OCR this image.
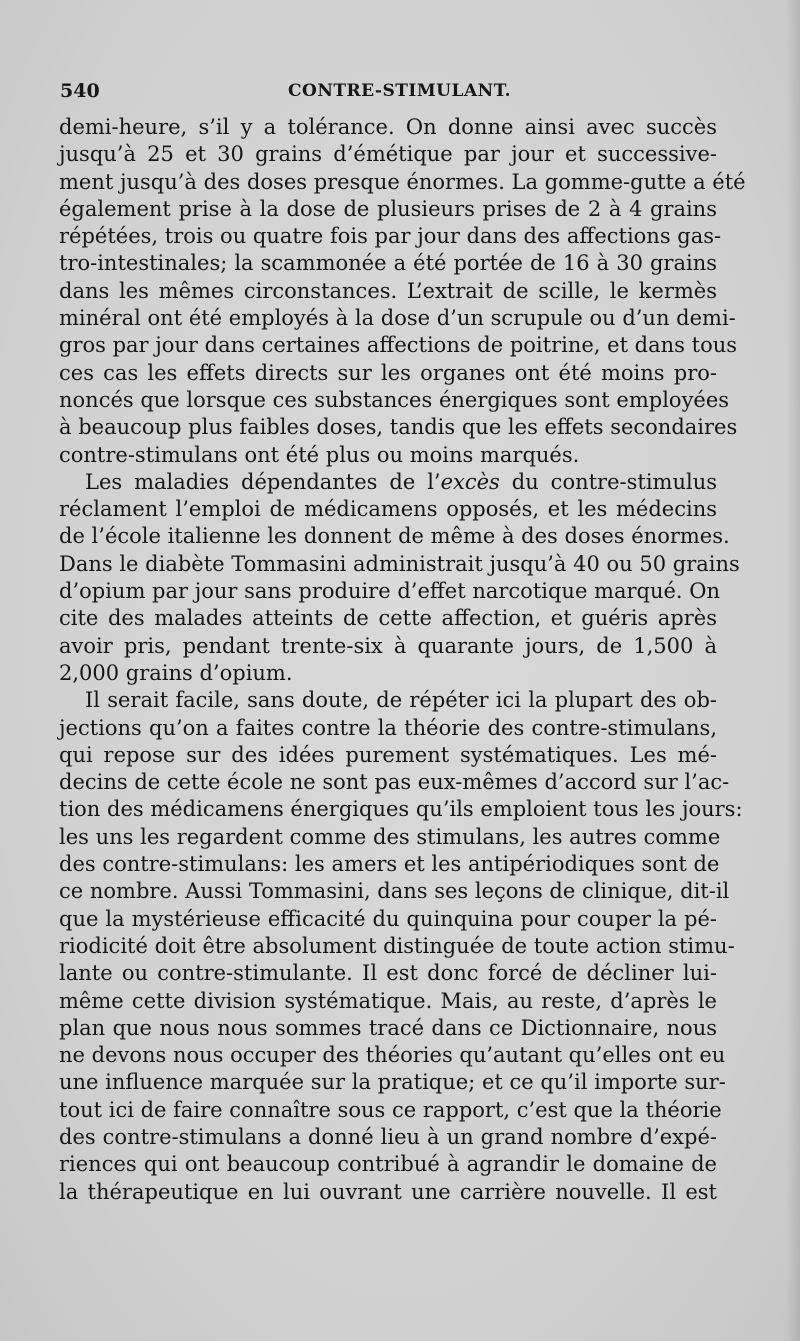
540	CONTRE-STIMULANT.
demi-heure, s’il y a tolérance. On donne ainsi avec succès
jusqu’à 25 et 30 grains d’émétique par jour et successive-
ment jusqu’à des doses presque énormes. La gomme-gutte a été
également prise à la dose de plusieurs prises de 2 à 4 grains
répétées, trois ou quatre fois par jour dans des affections gas-
tro-intestinales; la scammonée a été portée de 16 à 30 grains
dans les mêmes circonstances. L’extrait de scille, le kermès
minéral ont été employés à la dose d’un scrupule ou d’un demi-
gros par jour dans certaines affections de poitrine, et dans tous
ces cas les effets directs sur les organes ont été moins pro-
noncés que lorsque ces substances énergiques sont employées
à beaucoup plus faibles doses, tandis que les effets secondaires
contre-stimulans ont été plus ou moins marqués.
Les maladies dépendantes de l’excès du contre-stimulus
réclament l’emploi de médicamens opposés, et les médecins
de l’école italienne les donnent de même à des doses énormes.
Dans le diabète Tommasini administrait jusqu’à 40 ou 50 grains
d’opium par jour sans produire d’effet narcotique marqué. On
cite des malades atteints de cette affection, et guéris après
avoir pris, pendant trente-six à quarante jours, de 1,500 à
2,000 grains d’opium.
Il serait facile, sans doute, de répéter ici la plupart des ob-
jections qu’on a faites contre la théorie des contre-stimulans,
qui repose sur des idées purement systématiques. Les mé-
decins de cette école ne sont pas eux-mêmes d’accord sur l’ac-
tion des médicamens énergiques qu’ils emploient tous les jours:
les uns les regardent comme des stimulans, les autres comme
des contre-stimulans: les amers et les antipériodiques sont de
ce nombre. Aussi Tommasini, dans ses leçons de clinique, dit-il
que la mystérieuse efficacité du quinquina pour couper la pé-
riodicité doit être absolument distinguée de toute action stimu-
lante ou contre-stimulante. Il est donc forcé de décliner lui-
même cette division systématique. Mais, au reste, d’après le
plan que nous nous sommes tracé dans ce Dictionnaire, nous
ne devons nous occuper des théories qu’autant qu’elles ont eu
une influence marquée sur la pratique; et ce qu’il importe sur-
tout ici de faire connaître sous ce rapport, c’est que la théorie
des contre-stimulans a donné lieu à un grand nombre d’expé-
riences qui ont beaucoup contribué à agrandir le domaine de
la thérapeutique en lui ouvrant une carrière nouvelle. Il est
